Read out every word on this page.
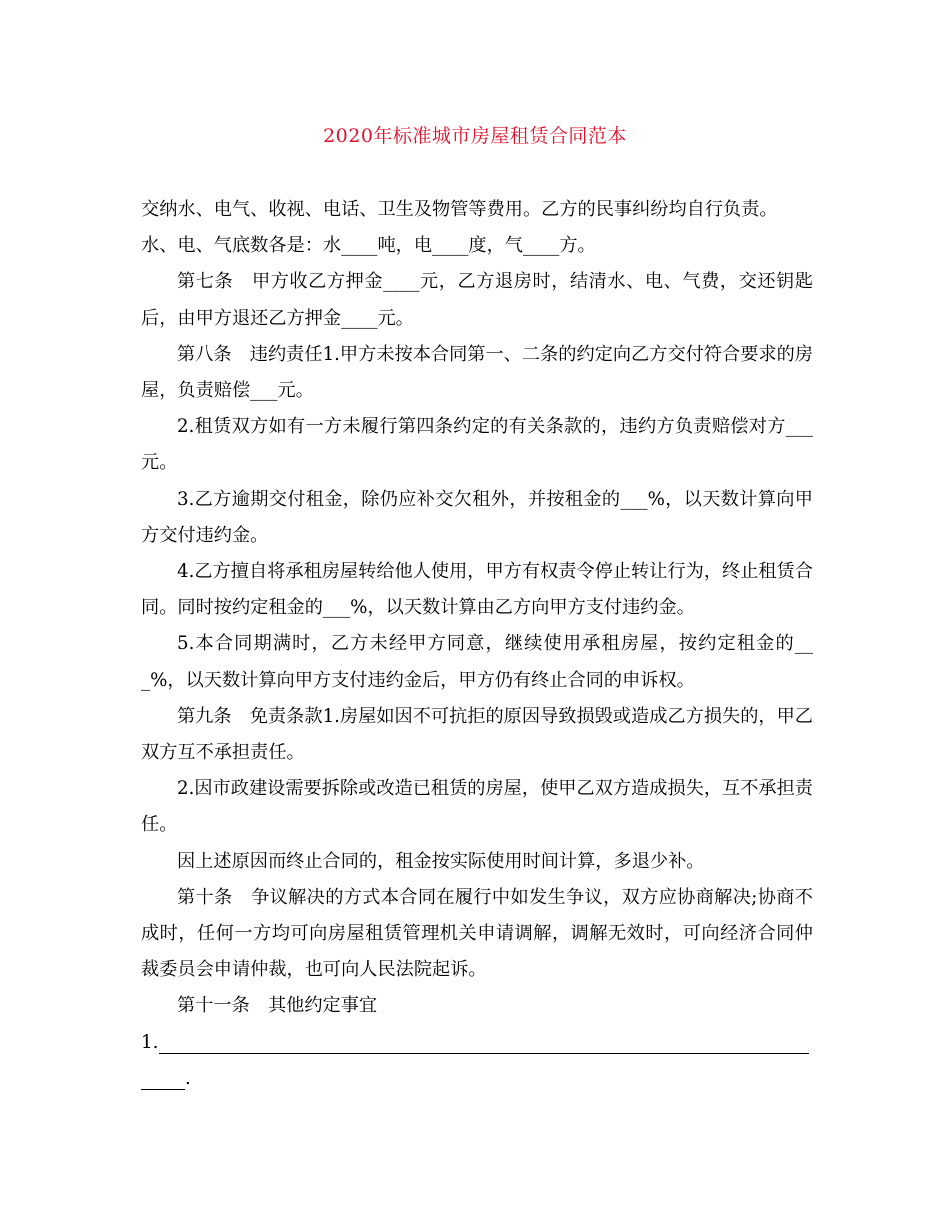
2020年标准城市房屋租赁合同范本

交纳水、电气、收视、电话、卫生及物管等费用。乙方的民事纠纷均自行负责。

水、电、气底数各是：水____吨，电____度，气____方。

第七条　甲方收乙方押金____元，乙方退房时，结清水、电、气费，交还钥匙后，由甲方退还乙方押金____元。

第八条　违约责任1.甲方未按本合同第一、二条的约定向乙方交付符合要求的房屋，负责赔偿___元。

2.租赁双方如有一方未履行第四条约定的有关条款的，违约方负责赔偿对方___元。

3.乙方逾期交付租金，除仍应补交欠租外，并按租金的___%，以天数计算向甲方交付违约金。

4.乙方擅自将承租房屋转给他人使用，甲方有权责令停止转让行为，终止租赁合同。同时按约定租金的___%，以天数计算由乙方向甲方支付违约金。

5.本合同期满时，乙方未经甲方同意，继续使用承租房屋，按约定租金的___%，以天数计算向甲方支付违约金后，甲方仍有终止合同的申诉权。

第九条　免责条款1.房屋如因不可抗拒的原因导致损毁或造成乙方损失的，甲乙双方互不承担责任。

2.因市政建设需要拆除或改造已租赁的房屋，使甲乙双方造成损失，互不承担责任。

因上述原因而终止合同的，租金按实际使用时间计算，多退少补。

第十条　争议解决的方式本合同在履行中如发生争议，双方应协商解决;协商不成时，任何一方均可向房屋租赁管理机关申请调解，调解无效时，可向经济合同仲裁委员会申请仲裁，也可向人民法院起诉。

第十一条　其他约定事宜

1.
.
